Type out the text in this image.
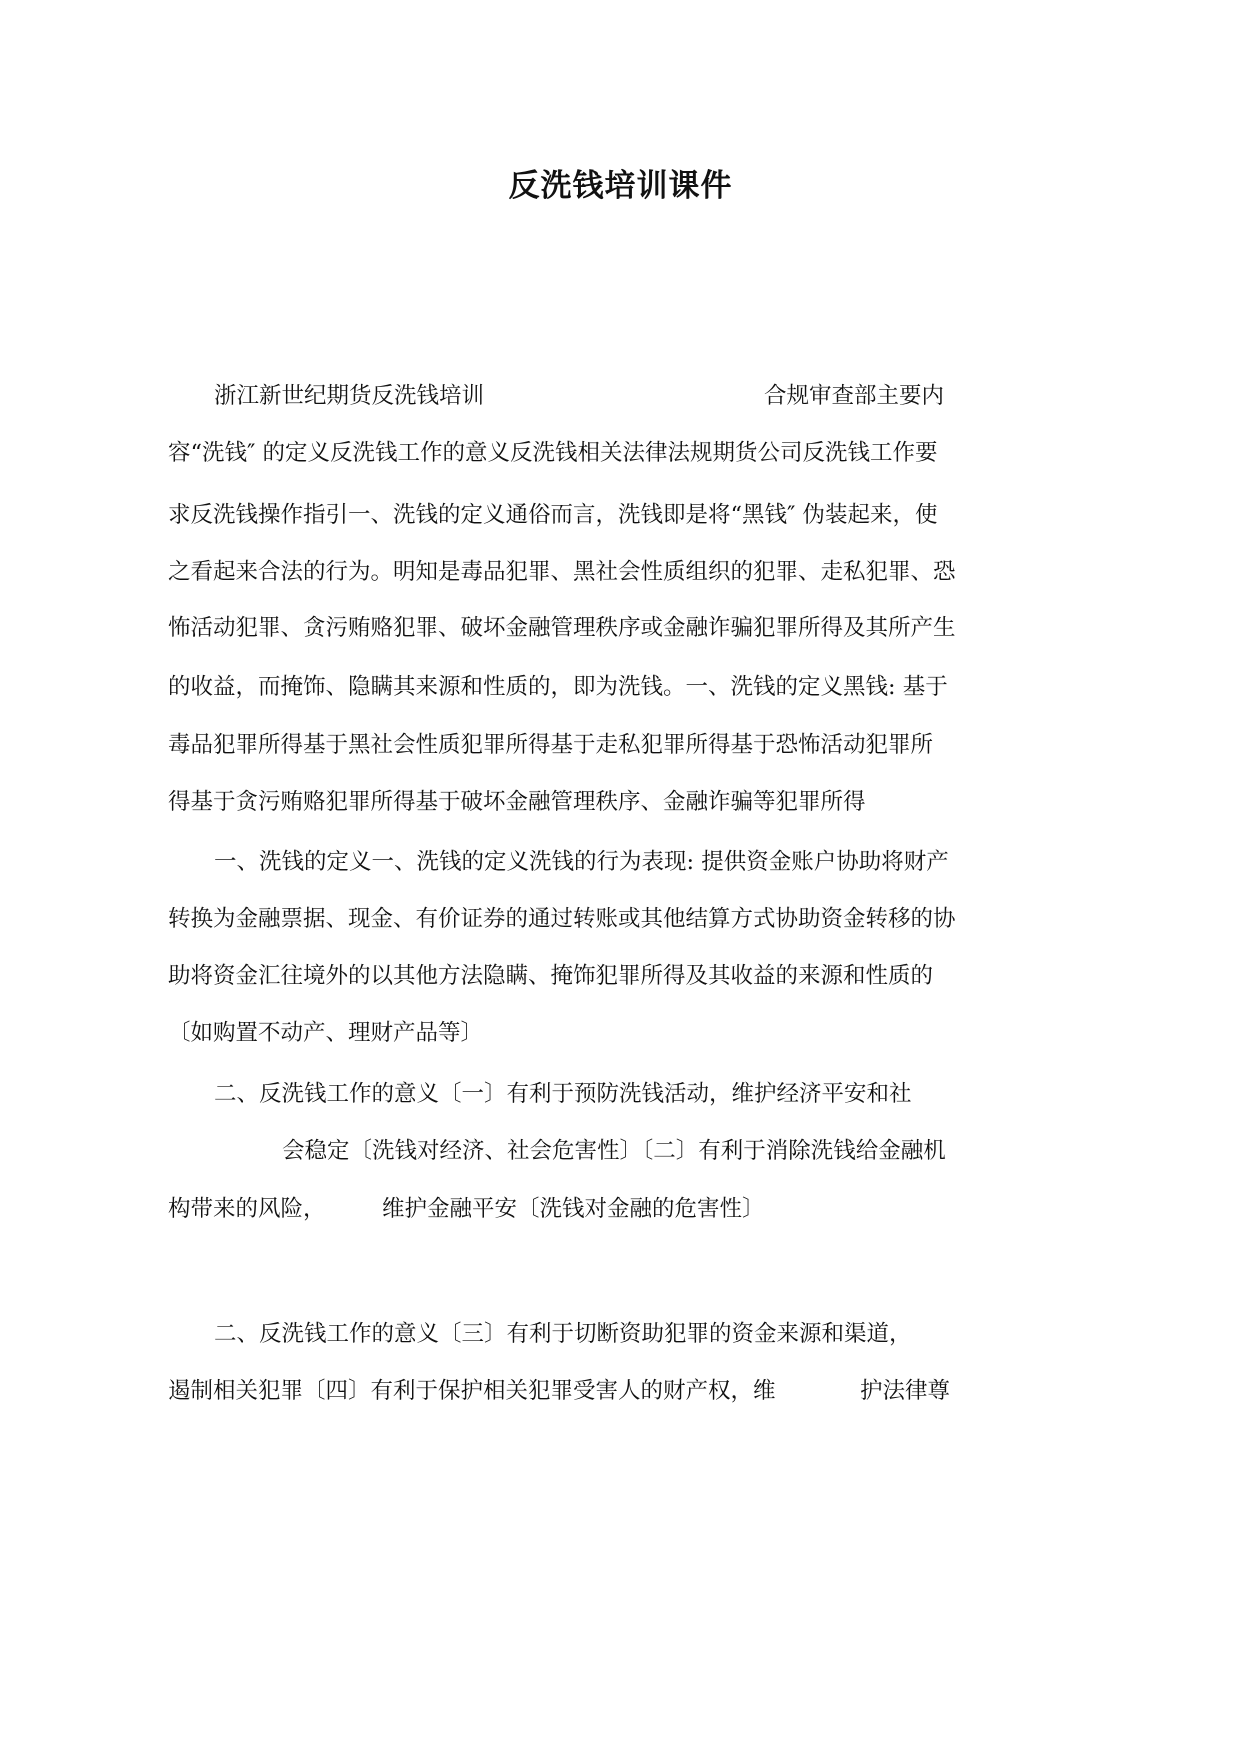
反洗钱培训课件
浙江新世纪期货反洗钱培训	合规审查部主要内
容“洗钱″ 的定义反洗钱工作的意义反洗钱相关法律法规期货公司反洗钱工作要
求反洗钱操作指引一、洗钱的定义通俗而言，洗钱即是将“黑钱″ 伪装起来，使
之看起来合法的行为。明知是毒品犯罪、黑社会性质组织的犯罪、走私犯罪、恐
怖活动犯罪、贪污贿赂犯罪、破坏金融管理秩序或金融诈骗犯罪所得及其所产生
的收益，而掩饰、隐瞒其来源和性质的，即为洗钱。一、洗钱的定义黑钱: 基于
毒品犯罪所得基于黑社会性质犯罪所得基于走私犯罪所得基于恐怖活动犯罪所
得基于贪污贿赂犯罪所得基于破坏金融管理秩序、金融诈骗等犯罪所得
一、洗钱的定义一、洗钱的定义洗钱的行为表现: 提供资金账户协助将财产
转换为金融票据、现金、有价证券的通过转账或其他结算方式协助资金转移的协
助将资金汇往境外的以其他方法隐瞒、掩饰犯罪所得及其收益的来源和性质的
〔如购置不动产、理财产品等〕
二、反洗钱工作的意义〔一〕有利于预防洗钱活动，维护经济平安和社
会稳定〔洗钱对经济、社会危害性〕〔二〕有利于消除洗钱给金融机
构带来的风险，	维护金融平安〔洗钱对金融的危害性〕
二、反洗钱工作的意义〔三〕有利于切断资助犯罪的资金来源和渠道，
遏制相关犯罪〔四〕有利于保护相关犯罪受害人的财产权，维	护法律尊
